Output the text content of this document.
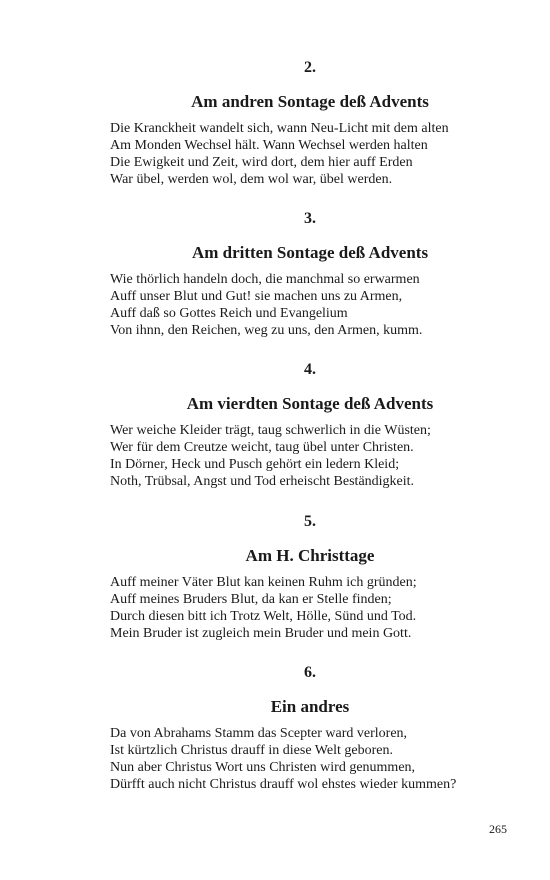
2.

Am andren Sontage deß Advents

Die Kranckheit wandelt sich, wann Neu-Licht mit dem alten
Am Monden Wechsel hält. Wann Wechsel werden halten
Die Ewigkeit und Zeit, wird dort, dem hier auff Erden
War übel, werden wol, dem wol war, übel werden.

3.

Am dritten Sontage deß Advents

Wie thörlich handeln doch, die manchmal so erwarmen
Auff unser Blut und Gut! sie machen uns zu Armen,
Auff daß so Gottes Reich und Evangelium
Von ihnn, den Reichen, weg zu uns, den Armen, kumm.

4.

Am vierdten Sontage deß Advents

Wer weiche Kleider trägt, taug schwerlich in die Wüsten;
Wer für dem Creutze weicht, taug übel unter Christen.
In Dörner, Heck und Pusch gehört ein ledern Kleid;
Noth, Trübsal, Angst und Tod erheischt Beständigkeit.

5.

Am H. Christtage

Auff meiner Väter Blut kan keinen Ruhm ich gründen;
Auff meines Bruders Blut, da kan er Stelle finden;
Durch diesen bitt ich Trotz Welt, Hölle, Sünd und Tod.
Mein Bruder ist zugleich mein Bruder und mein Gott.

6.

Ein andres

Da von Abrahams Stamm das Scepter ward verloren,
Ist kürtzlich Christus drauff in diese Welt geboren.
Nun aber Christus Wort uns Christen wird genummen,
Dürfft auch nicht Christus drauff wol ehstes wieder kummen?
265
